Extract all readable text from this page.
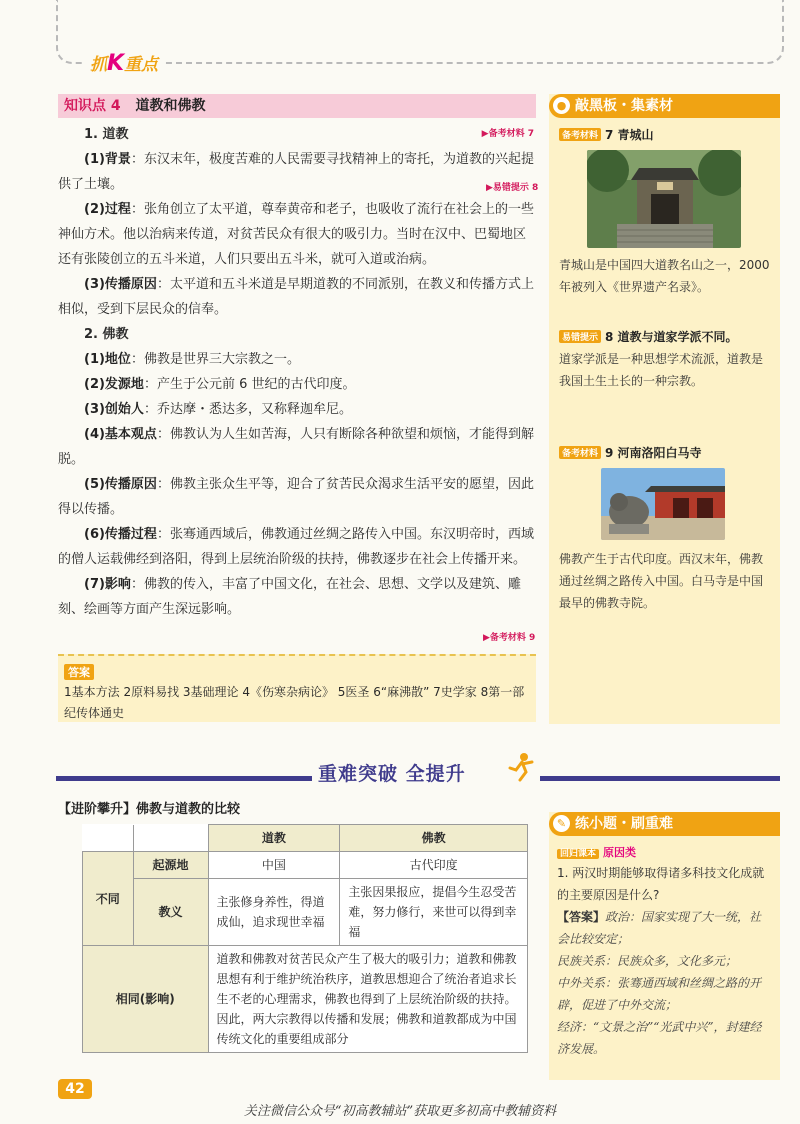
抓K重点
知识点 4 道教和佛教

1. 道教	▶备考材料 7

(1)背景：东汉末年，极度苦难的人民需要寻找精神上的寄托，为道教的兴起提供了土壤。

(2)过程：张角创立了太平道，尊奉黄帝和老子，也吸收了流行在社会上的一些神仙方术。他以治病来传道，对贫苦民众有很大的吸引力。当时在汉中、巴蜀地区还有张陵创立的五斗米道，人们只要出五斗米，就可入道或治病。

(3)传播原因：太平道和五斗米道是早期道教的不同派别，在教义和传播方式上相似，受到下层民众的信奉。

2. 佛教

(1)地位：佛教是世界三大宗教之一。

(2)发源地：产生于公元前 6 世纪的古代印度。

(3)创始人：乔达摩・悉达多，又称释迦牟尼。

(4)基本观点：佛教认为人生如苦海，人只有断除各种欲望和烦恼，才能得到解脱。

(5)传播原因：佛教主张众生平等，迎合了贫苦民众渴求生活平安的愿望，因此得以传播。

(6)传播过程：张骞通西域后，佛教通过丝绸之路传入中国。东汉明帝时，西域的僧人运载佛经到洛阳，得到上层统治阶级的扶持，佛教逐步在社会上传播开来。

(7)影响：佛教的传入，丰富了中国文化，在社会、思想、文学以及建筑、雕刻、绘画等方面产生深远影响。

▶易错提示 8
▶备考材料 9
答案
1基本方法 2原料易找 3基础理论 4《伤寒杂病论》 5医圣 6“麻沸散” 7史学家 8第一部纪传体通史
● 敲黑板・集素材
备考材料 7 青城山
青城山是中国四大道教名山之一，2000 年被列入《世界遗产名录》。
易错提示 8 道教与道家学派不同。
道家学派是一种思想学术流派，道教是我国土生土长的一种宗教。
备考材料 9 河南洛阳白马寺
佛教产生于古代印度。西汉末年，佛教通过丝绸之路传入中国。白马寺是中国最早的佛教寺院。
重难突破 全提升
【进阶攀升】佛教与道教的比较
		道教	佛教
不同	起源地	中国	古代印度
	教义	主张修身养性，得道成仙，追求现世幸福	主张因果报应，提倡今生忍受苦难，努力修行，来世可以得到幸福
相同(影响)		道教和佛教对贫苦民众产生了极大的吸引力；道教和佛教思想有利于维护统治秩序，道教思想迎合了统治者追求长生不老的心理需求，佛教也得到了上层统治阶级的扶持。因此，两大宗教得以传播和发展；佛教和道教都成为中国传统文化的重要组成部分	
✎ 练小题・刷重难
回归课本 原因类
1. 两汉时期能够取得诸多科技文化成就的主要原因是什么?
【答案】政治：国家实现了大一统，社会比较安定；
民族关系：民族众多，文化多元；
中外关系：张骞通西域和丝绸之路的开辟，促进了中外交流；
经济：“文景之治”“光武中兴”，封建经济发展。
42
关注微信公众号“初高教辅站”获取更多初高中教辅资料
